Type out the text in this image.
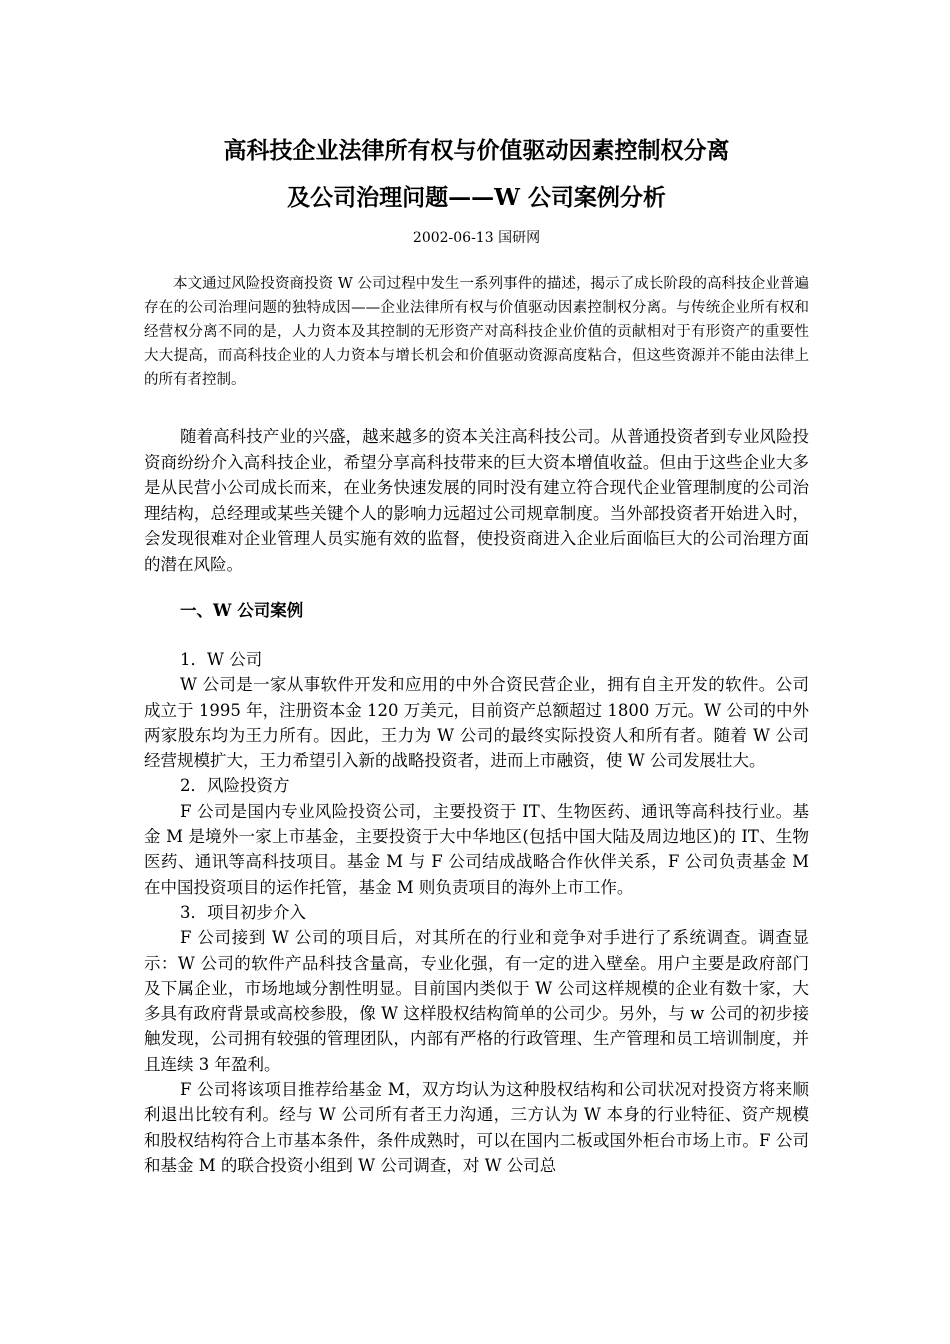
高科技企业法律所有权与价值驱动因素控制权分离
及公司治理问题——W 公司案例分析
2002-06-13 国研网

本文通过风险投资商投资 W 公司过程中发生一系列事件的描述，揭示了成长阶段的高科技企业普遍存在的公司治理问题的独特成因——企业法律所有权与价值驱动因素控制权分离。与传统企业所有权和经营权分离不同的是，人力资本及其控制的无形资产对高科技企业价值的贡献相对于有形资产的重要性大大提高，而高科技企业的人力资本与增长机会和价值驱动资源高度粘合，但这些资源并不能由法律上的所有者控制。

随着高科技产业的兴盛，越来越多的资本关注高科技公司。从普通投资者到专业风险投资商纷纷介入高科技企业，希望分享高科技带来的巨大资本增值收益。但由于这些企业大多是从民营小公司成长而来，在业务快速发展的同时没有建立符合现代企业管理制度的公司治理结构，总经理或某些关键个人的影响力远超过公司规章制度。当外部投资者开始进入时，会发现很难对企业管理人员实施有效的监督，使投资商进入企业后面临巨大的公司治理方面的潜在风险。

一、W 公司案例

1．W 公司

W 公司是一家从事软件开发和应用的中外合资民营企业，拥有自主开发的软件。公司成立于 1995 年，注册资本金 120 万美元，目前资产总额超过 1800 万元。W 公司的中外两家股东均为王力所有。因此，王力为 W 公司的最终实际投资人和所有者。随着 W 公司经营规模扩大，王力希望引入新的战略投资者，进而上市融资，使 W 公司发展壮大。

2．风险投资方

F 公司是国内专业风险投资公司，主要投资于 IT、生物医药、通讯等高科技行业。基金 M 是境外一家上市基金，主要投资于大中华地区(包括中国大陆及周边地区)的 IT、生物医药、通讯等高科技项目。基金 M 与 F 公司结成战略合作伙伴关系，F 公司负责基金 M 在中国投资项目的运作托管，基金 M 则负责项目的海外上市工作。

3．项目初步介入

F 公司接到 W 公司的项目后，对其所在的行业和竞争对手进行了系统调查。调查显示：W 公司的软件产品科技含量高，专业化强，有一定的进入壁垒。用户主要是政府部门及下属企业，市场地域分割性明显。目前国内类似于 W 公司这样规模的企业有数十家，大多具有政府背景或高校参股，像 W 这样股权结构简单的公司少。另外，与 w 公司的初步接触发现，公司拥有较强的管理团队，内部有严格的行政管理、生产管理和员工培训制度，并且连续 3 年盈利。

F 公司将该项目推荐给基金 M，双方均认为这种股权结构和公司状况对投资方将来顺利退出比较有利。经与 W 公司所有者王力沟通，三方认为 W 本身的行业特征、资产规模和股权结构符合上市基本条件，条件成熟时，可以在国内二板或国外柜台市场上市。F 公司和基金 M 的联合投资小组到 W 公司调查，对 W 公司总
